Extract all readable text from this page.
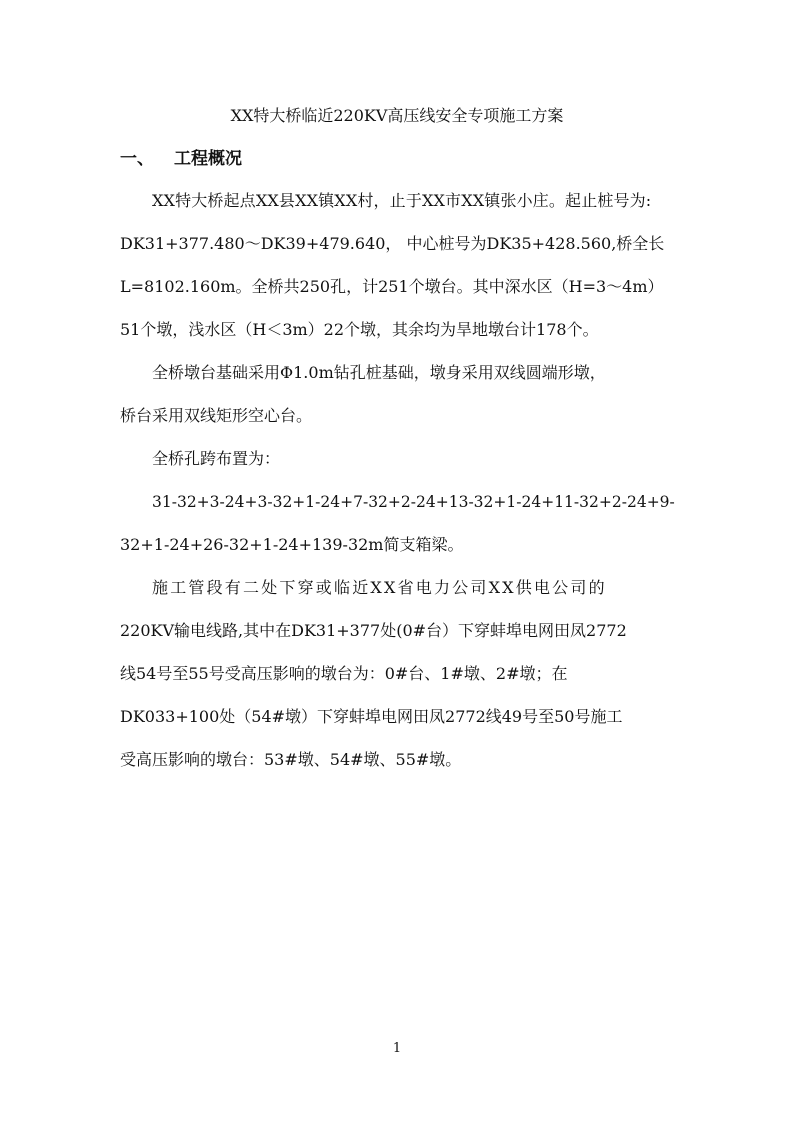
XX特大桥临近220KV高压线安全专项施工方案
一、 工程概况
XX特大桥起点XX县XX镇XX村，止于XX市XX镇张小庄。起止桩号为:
DK31+377.480～DK39+479.640， 中心桩号为DK35+428.560,桥全长
L=8102.160m。全桥共250孔，计251个墩台。其中深水区（H=3～4m）
51个墩，浅水区（H＜3m）22个墩，其余均为旱地墩台计178个。
全桥墩台基础采用Φ1.0m钻孔桩基础，墩身采用双线圆端形墩，
桥台采用双线矩形空心台。
全桥孔跨布置为：
31-32+3-24+3-32+1-24+7-32+2-24+13-32+1-24+11-32+2-24+9-
32+1-24+26-32+1-24+139-32m简支箱梁。
施工管段有二处下穿或临近XX省电力公司XX供电公司的
220KV输电线路,其中在DK31+377处(0#台）下穿蚌埠电网田凤2772
线54号至55号受高压影响的墩台为：0#台、1#墩、2#墩；在
DK033+100处（54#墩）下穿蚌埠电网田凤2772线49号至50号施工
受高压影响的墩台：53#墩、54#墩、55#墩。
1
